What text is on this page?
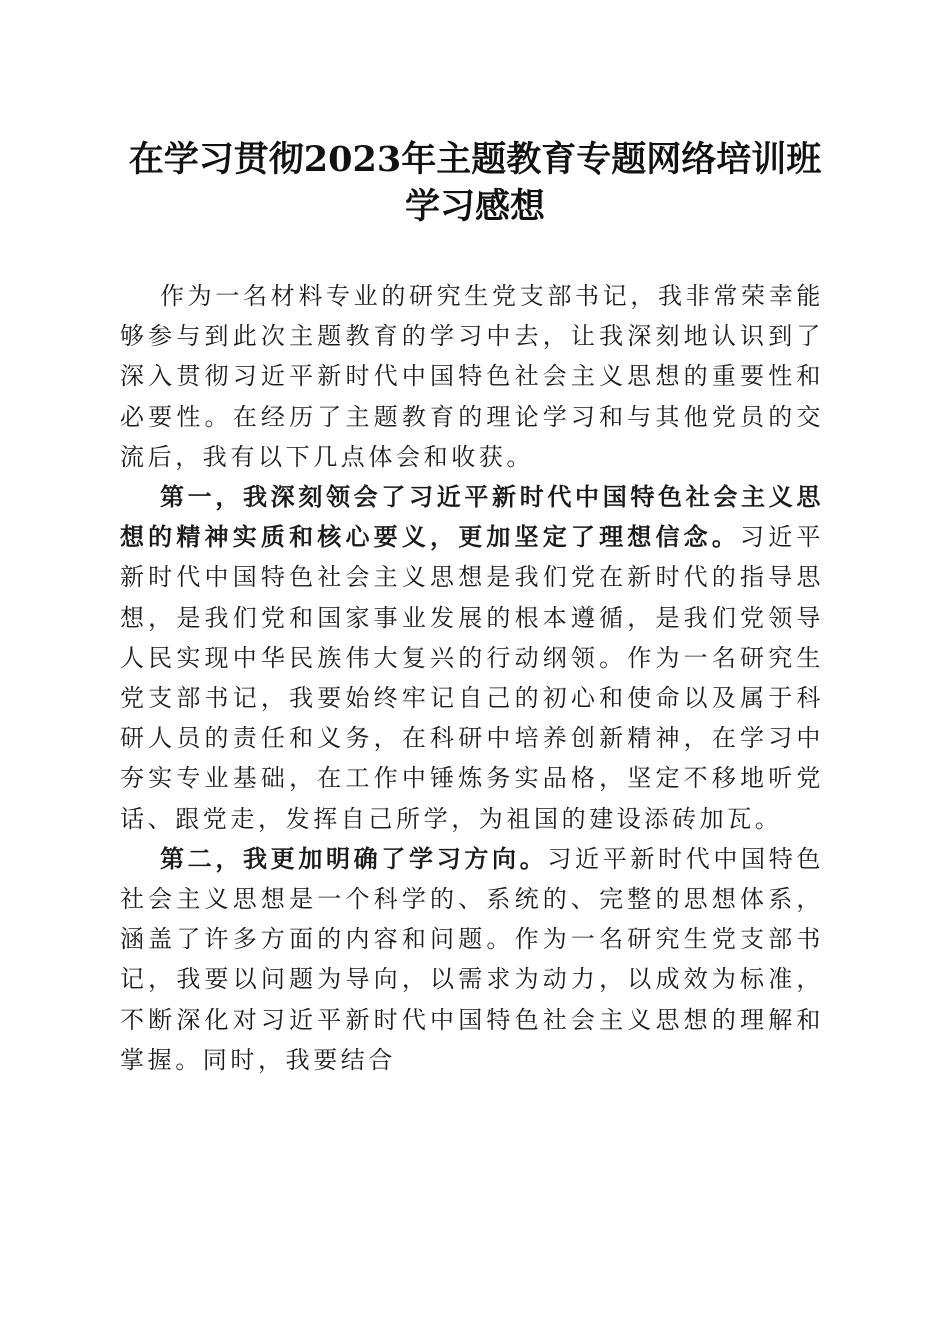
在学习贯彻2023年主题教育专题网络培训班
学习感想

作为一名材料专业的研究生党支部书记，我非常荣幸能够参与到此次主题教育的学习中去，让我深刻地认识到了深入贯彻习近平新时代中国特色社会主义思想的重要性和必要性。在经历了主题教育的理论学习和与其他党员的交流后，我有以下几点体会和收获。

第一，我深刻领会了习近平新时代中国特色社会主义思想的精神实质和核心要义，更加坚定了理想信念。习近平新时代中国特色社会主义思想是我们党在新时代的指导思想，是我们党和国家事业发展的根本遵循，是我们党领导人民实现中华民族伟大复兴的行动纲领。作为一名研究生党支部书记，我要始终牢记自己的初心和使命以及属于科研人员的责任和义务，在科研中培养创新精神，在学习中夯实专业基础，在工作中锤炼务实品格，坚定不移地听党话、跟党走，发挥自己所学，为祖国的建设添砖加瓦。

第二，我更加明确了学习方向。习近平新时代中国特色社会主义思想是一个科学的、系统的、完整的思想体系，涵盖了许多方面的内容和问题。作为一名研究生党支部书记，我要以问题为导向，以需求为动力，以成效为标准，不断深化对习近平新时代中国特色社会主义思想的理解和掌握。同时，我要结合
